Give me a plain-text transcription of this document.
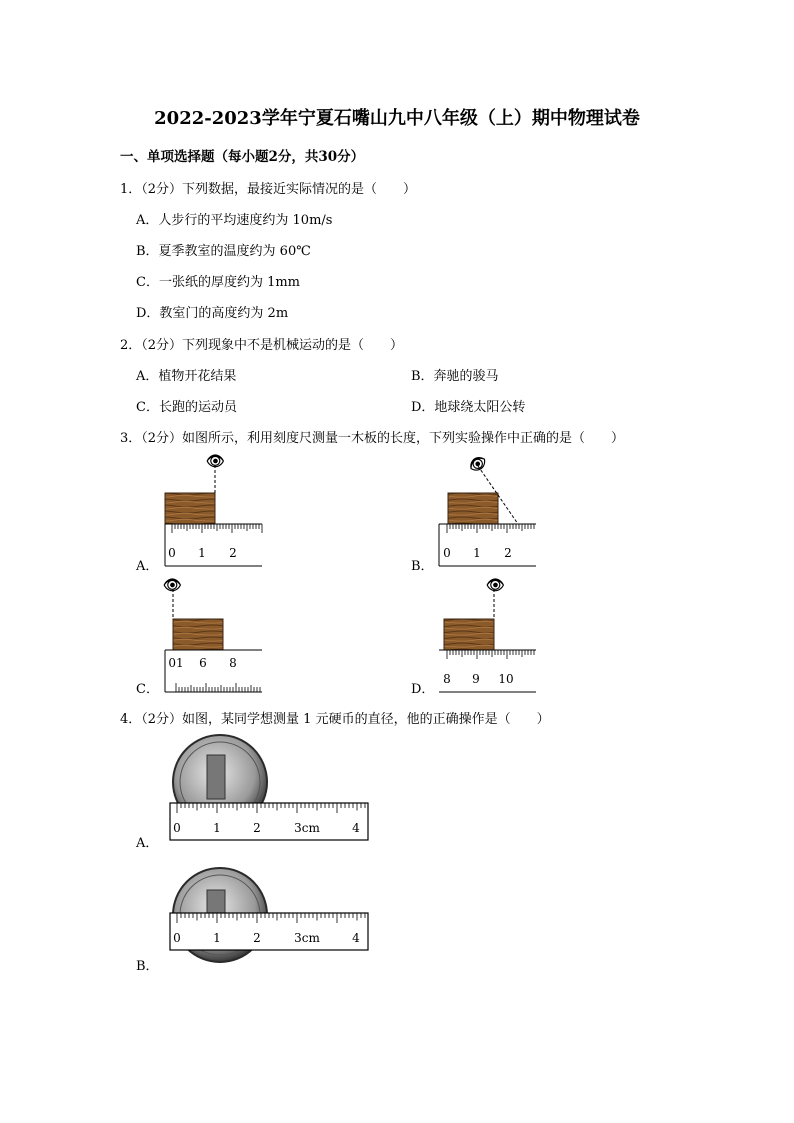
2022-2023学年宁夏石嘴山九中八年级（上）期中物理试卷
一、单项选择题（每小题2分，共30分）
1．（2分）下列数据，最接近实际情况的是（　　）
A．人步行的平均速度约为 10m/s
B．夏季教室的温度约为 60℃
C．一张纸的厚度约为 1mm
D．教室门的高度约为 2m
2．（2分）下列现象中不是机械运动的是（　　）
A．植物开花结果	B．奔驰的骏马
C．长跑的运动员	D．地球绕太阳公转
3．（2分）如图所示，利用刻度尺测量一木板的长度，下列实验操作中正确的是（　　）
👁
A．
0 1 2
👁
B．
0 1 2
👁
C．
01 6 8
👁
D．
8 9 10
A．
0	1	2	3cm	4
B．
0	1	2	3cm	4
4．（2分）如图，某同学想测量 1 元硬币的直径，他的正确操作是（　　）
